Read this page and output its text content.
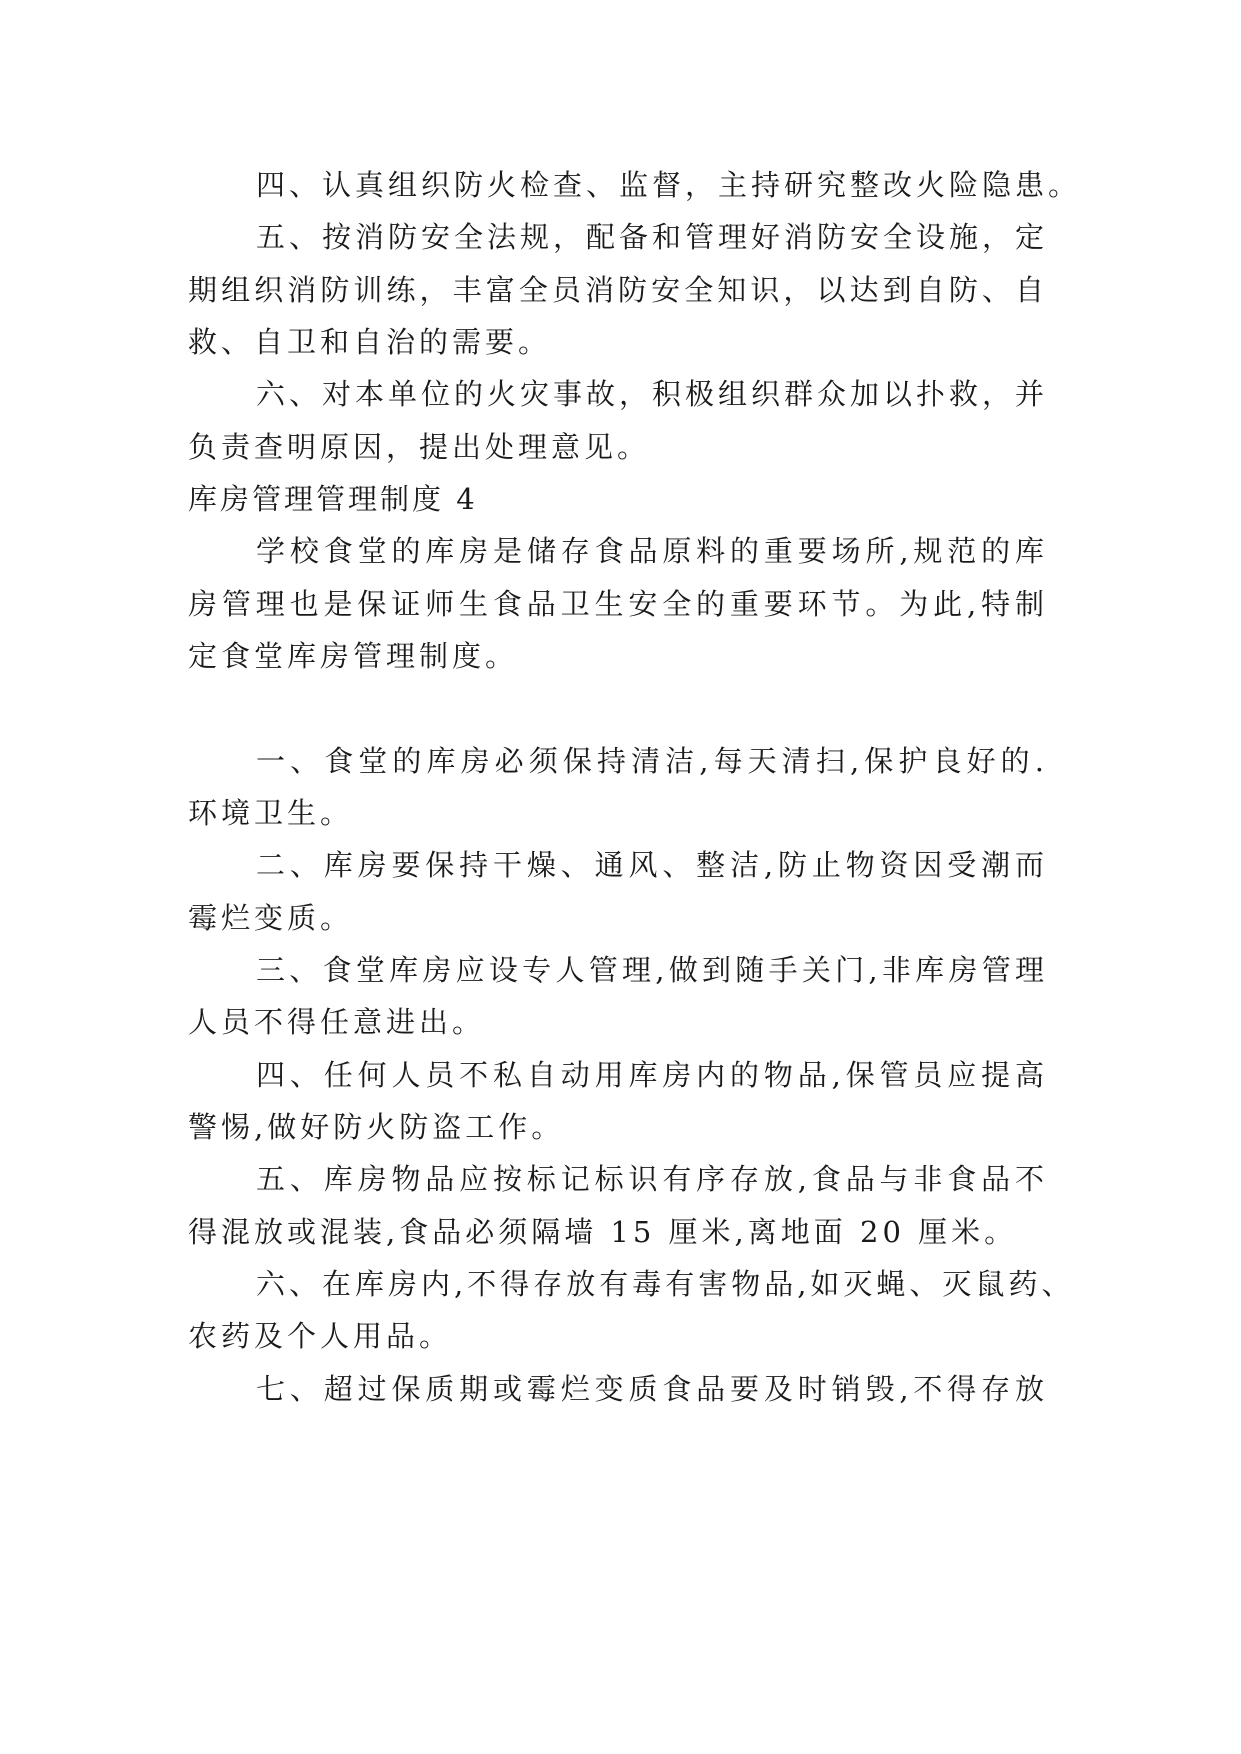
四、认真组织防火检查、监督，主持研究整改火险隐患。
五、按消防安全法规，配备和管理好消防安全设施，定
期组织消防训练，丰富全员消防安全知识，以达到自防、自
救、自卫和自治的需要。
六、对本单位的火灾事故，积极组织群众加以扑救，并
负责查明原因，提出处理意见。
库房管理管理制度 4
学校食堂的库房是储存食品原料的重要场所,规范的库
房管理也是保证师生食品卫生安全的重要环节。为此,特制
定食堂库房管理制度。
一、食堂的库房必须保持清洁,每天清扫,保护良好的.
环境卫生。
二、库房要保持干燥、通风、整洁,防止物资因受潮而
霉烂变质。
三、食堂库房应设专人管理,做到随手关门,非库房管理
人员不得任意进出。
四、任何人员不私自动用库房内的物品,保管员应提高
警惕,做好防火防盗工作。
五、库房物品应按标记标识有序存放,食品与非食品不
得混放或混装,食品必须隔墙 15 厘米,离地面 20 厘米。
六、在库房内,不得存放有毒有害物品,如灭蝇、灭鼠药、
农药及个人用品。
七、超过保质期或霉烂变质食品要及时销毁,不得存放
